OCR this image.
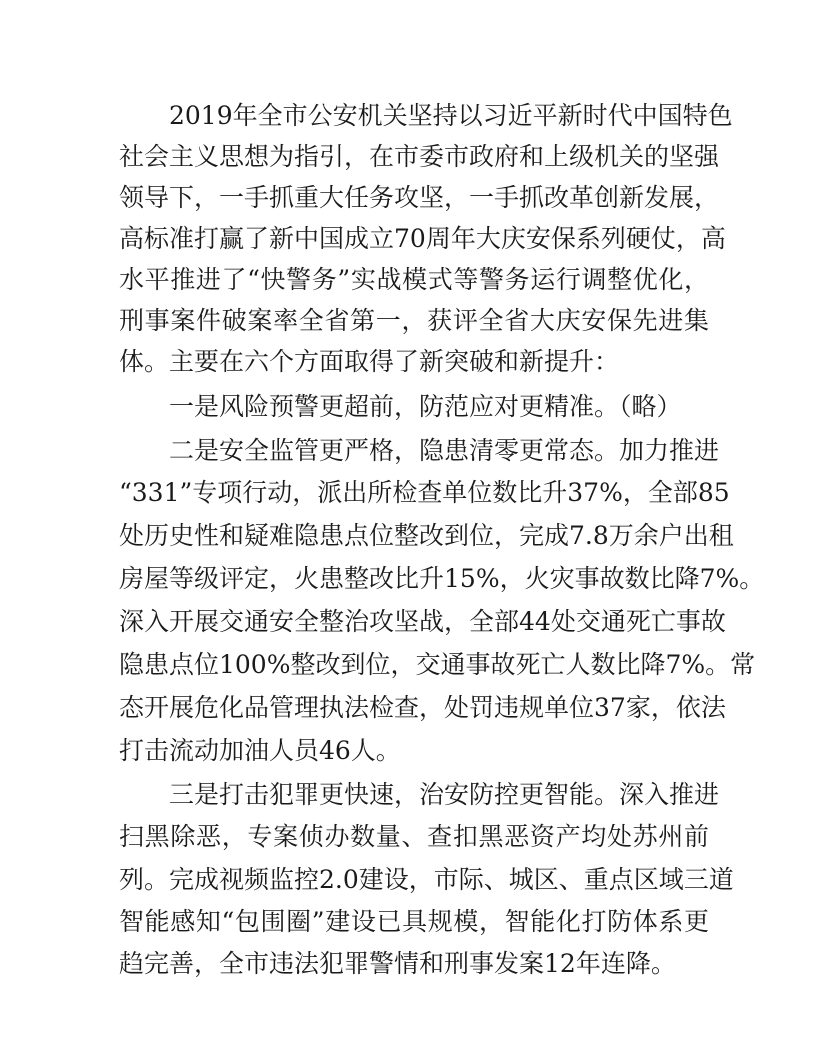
2019年全市公安机关坚持以习近平新时代中国特色
社会主义思想为指引，在市委市政府和上级机关的坚强
领导下，一手抓重大任务攻坚，一手抓改革创新发展，
高标准打赢了新中国成立70周年大庆安保系列硬仗，高
水平推进了“快警务”实战模式等警务运行调整优化，
刑事案件破案率全省第一，获评全省大庆安保先进集
体。主要在六个方面取得了新突破和新提升：
一是风险预警更超前，防范应对更精准。（略）
二是安全监管更严格，隐患清零更常态。加力推进
“331”专项行动，派出所检查单位数比升37%，全部85
处历史性和疑难隐患点位整改到位，完成7.8万余户出租
房屋等级评定，火患整改比升15%，火灾事故数比降7%。
深入开展交通安全整治攻坚战，全部44处交通死亡事故
隐患点位100%整改到位，交通事故死亡人数比降7%。常
态开展危化品管理执法检查，处罚违规单位37家，依法
打击流动加油人员46人。
三是打击犯罪更快速，治安防控更智能。深入推进
扫黑除恶，专案侦办数量、查扣黑恶资产均处苏州前
列。完成视频监控2.0建设，市际、城区、重点区域三道
智能感知“包围圈”建设已具规模，智能化打防体系更
趋完善，全市违法犯罪警情和刑事发案12年连降。
